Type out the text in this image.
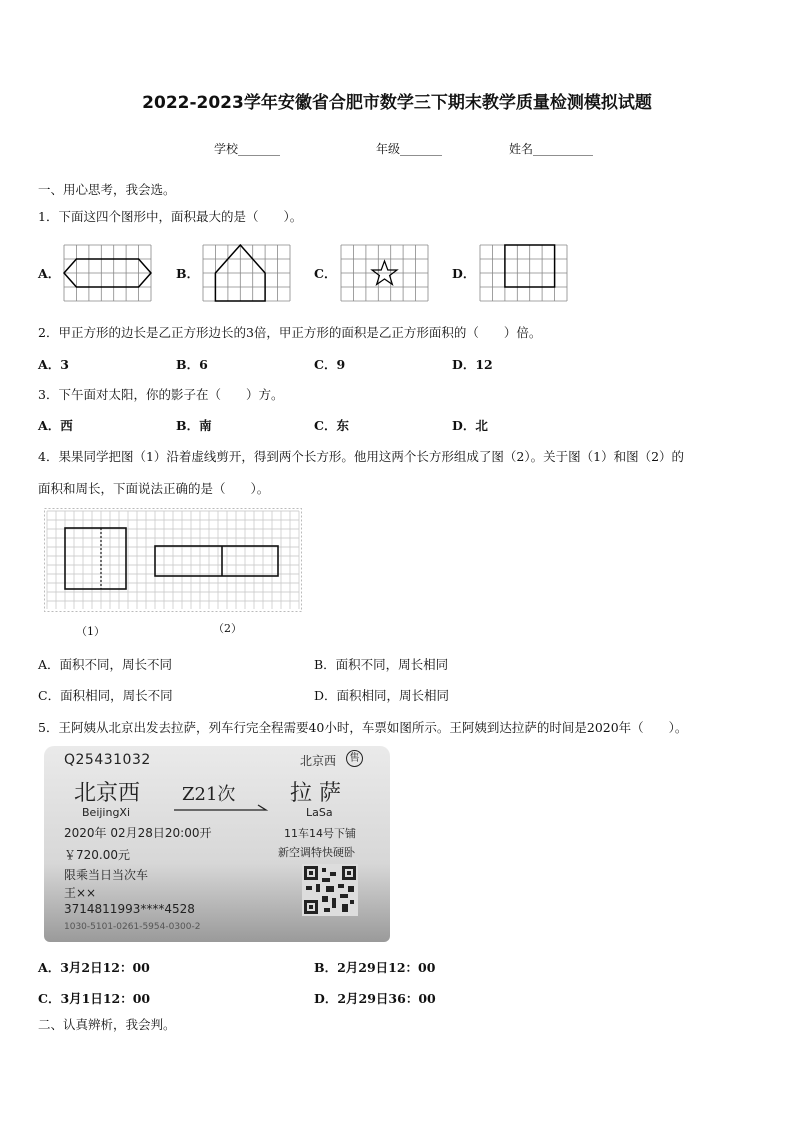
2022-2023学年安徽省合肥市数学三下期末教学质量检测模拟试题
学校_______	年级_______	姓名__________
一、用心思考，我会选。
1．下面这四个图形中，面积最大的是（　　）。
A．	B．	C．	D．
2．甲正方形的边长是乙正方形边长的3倍，甲正方形的面积是乙正方形面积的（　　）倍。
A．3	B．6	C．9	D．12
3．下午面对太阳，你的影子在（　　）方。
A．西	B．南	C．东	D．北
4．果果同学把图（1）沿着虚线剪开，得到两个长方形。他用这两个长方形组成了图（2）。关于图（1）和图（2）的
面积和周长，下面说法正确的是（　　）。
（1）	（2）
A．面积不同，周长不同	B．面积不同，周长相同
C．面积相同，周长不同	D．面积相同，周长相同
5．王阿姨从北京出发去拉萨，列车行完全程需要40小时，车票如图所示。王阿姨到达拉萨的时间是2020年（　　）。
Q25431032	北京西	售
北京西
BeijingXi
Z21次 拉 萨
LaSa
2020年 02月28日20:00开	11车14号下铺
￥720.00元	新空调特快硬卧
限乘当日当次车
王××
3714811993****4528
1030-5101-0261-5954-0300-2
A．3月2日12：00	B．2月29日12：00
C．3月1日12：00	D．2月29日36：00
二、认真辨析，我会判。
